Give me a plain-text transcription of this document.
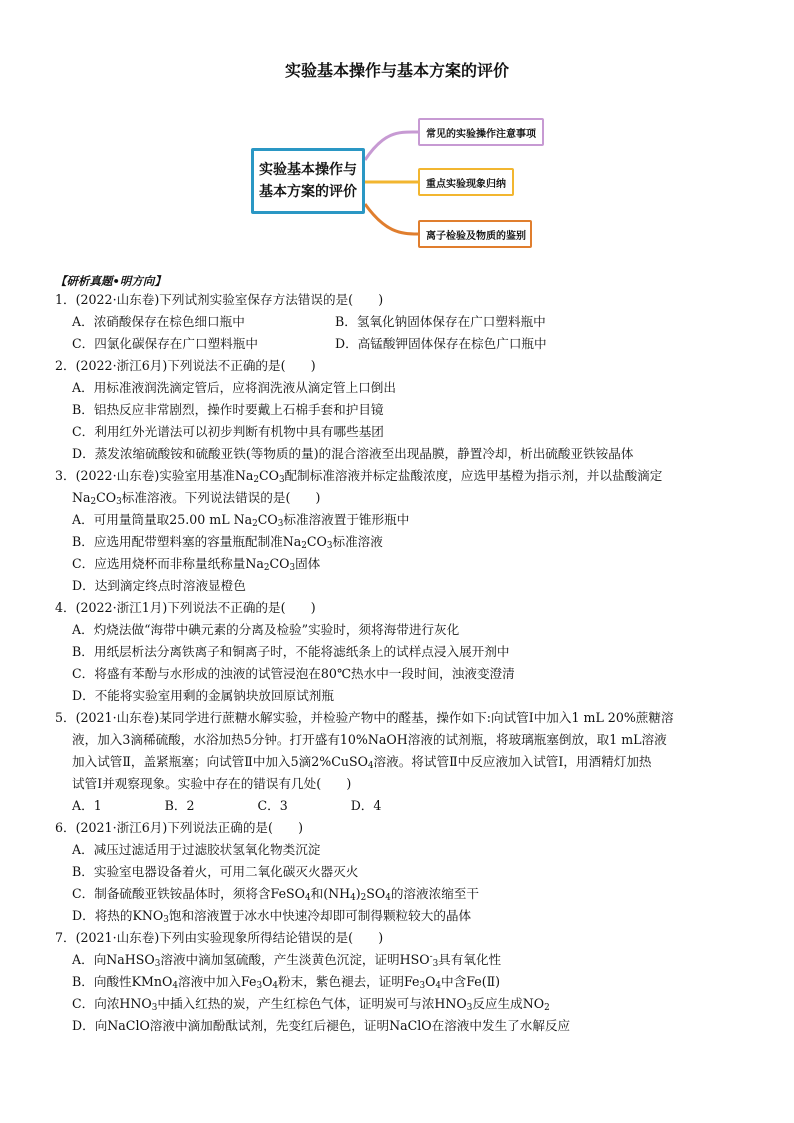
实验基本操作与基本方案的评价
实验基本操作与
基本方案的评价
常见的实验操作注意事项
重点实验现象归纳
离子检验及物质的鉴别
【研析真题•明方向】
1．(2022·山东卷)下列试剂实验室保存方法错误的是(　　)
A．浓硝酸保存在棕色细口瓶中	B．氢氧化钠固体保存在广口塑料瓶中
C．四氯化碳保存在广口塑料瓶中	D．高锰酸钾固体保存在棕色广口瓶中
2．(2022·浙江6月)下列说法不正确的是(　　)
A．用标准液润洗滴定管后，应将润洗液从滴定管上口倒出
B．铝热反应非常剧烈，操作时要戴上石棉手套和护目镜
C．利用红外光谱法可以初步判断有机物中具有哪些基团
D．蒸发浓缩硫酸铵和硫酸亚铁(等物质的量)的混合溶液至出现晶膜，静置冷却，析出硫酸亚铁铵晶体
3．(2022·山东卷)实验室用基准$Na_2CO_3$配制标准溶液并标定盐酸浓度，应选甲基橙为指示剂，并以盐酸滴定
$Na_2CO_3$标准溶液。下列说法错误的是(　　)
A．可用量筒量取25.00 mL $Na_2CO_3$标准溶液置于锥形瓶中
B．应选用配带塑料塞的容量瓶配制准$Na_2CO_3$标准溶液
C．应选用烧杯而非称量纸称量$Na_2CO_3$固体
D．达到滴定终点时溶液显橙色
4．(2022·浙江1月)下列说法不正确的是(　　)
A．灼烧法做“海带中碘元素的分离及检验”实验时，须将海带进行灰化
B．用纸层析法分离铁离子和铜离子时，不能将滤纸条上的试样点浸入展开剂中
C．将盛有苯酚与水形成的浊液的试管浸泡在80℃热水中一段时间，浊液变澄清
D．不能将实验室用剩的金属钠块放回原试剂瓶
5．(2021·山东卷)某同学进行蔗糖水解实验，并检验产物中的醛基，操作如下:向试管Ⅰ中加入1 mL 20%蔗糖溶
液，加入3滴稀硫酸，水浴加热5分钟。打开盛有10%NaOH溶液的试剂瓶，将玻璃瓶塞倒放，取1 mL溶液
加入试管Ⅱ，盖紧瓶塞；向试管Ⅱ中加入5滴2%CuSO$_4$溶液。将试管Ⅱ中反应液加入试管Ⅰ，用酒精灯加热
试管Ⅰ并观察现象。实验中存在的错误有几处(　　)
A．1　　　　　B．2　　　　　C．3　　　　　D．4
6．(2021·浙江6月)下列说法正确的是(　　)
A．减压过滤适用于过滤胶状氢氧化物类沉淀
B．实验室电器设备着火，可用二氧化碳灭火器灭火
C．制备硫酸亚铁铵晶体时，须将含FeSO$_4$和$(NH_4)_2SO_4$的溶液浓缩至干
D．将热的$KNO_3$饱和溶液置于冰水中快速冷却即可制得颗粒较大的晶体
7．(2021·山东卷)下列由实验现象所得结论错误的是(　　)
A．向NaHSO$_3$溶液中滴加氢硫酸，产生淡黄色沉淀，证明$HSO^-_3$具有氧化性
B．向酸性KMnO$_4$溶液中加入$Fe_3O_4$粉末，紫色褪去，证明$Fe_3O_4$中含Fe(Ⅱ)
C．向浓$HNO_3$中插入红热的炭，产生红棕色气体，证明炭可与浓$HNO_3$反应生成$NO_2$
D．向NaClO溶液中滴加酚酞试剂，先变红后褪色，证明NaClO在溶液中发生了水解反应
